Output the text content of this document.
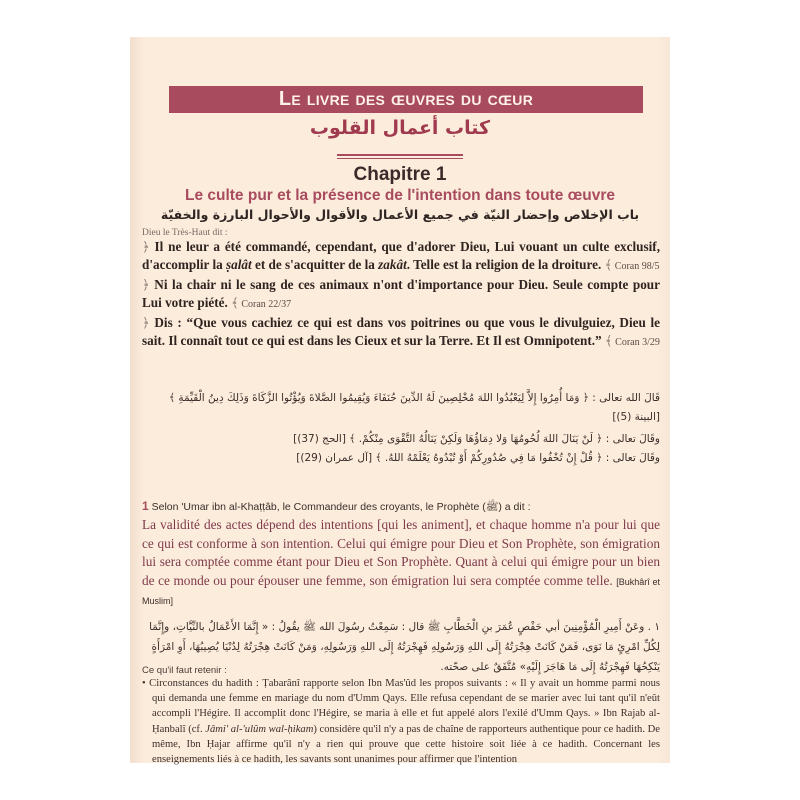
Le livre des œuvres du cœur
كتاب أعمال القلوب
Chapitre 1
Le culte pur et la présence de l'intention dans toute œuvre
باب الإخلاص وإحضار النيّة في جميع الأعمال والأقوال والأحوال البارزة والخفيّة
Dieu le Très-Haut dit :
﴿ Il ne leur a été commandé, cependant, que d'adorer Dieu, Lui vouant un culte exclusif, d'accomplir la ṣalât et de s'acquitter de la zakât. Telle est la religion de la droiture. ﴾ Coran 98/5
﴿ Ni la chair ni le sang de ces animaux n'ont d'importance pour Dieu. Seule compte pour Lui votre piété. ﴾ Coran 22/37
﴿ Dis : “Que vous cachiez ce qui est dans vos poitrines ou que vous le divulguiez, Dieu le sait. Il connaît tout ce qui est dans les Cieux et sur la Terre. Et Il est Omnipotent.” ﴾ Coran 3/29
قَالَ الله تعالى : ﴿ وَمَا أُمِرُوا إِلاَّ لِيَعْبُدُوا اللهَ مُخْلِصِينَ لَهُ الدِّينَ حُنَفَاءَ وَيُقِيمُوا الصَّلاةَ وَيُؤْتُوا الزَّكَاةَ وَذَلِكَ دِينُ الْقَيِّمَةِ ﴾ [البينة (5)]
وقَالَ تعالى : ﴿ لَنْ يَنَالَ اللهَ لُحُومُهَا وَلا دِمَاؤُهَا وَلَكِنْ يَنَالُهُ التَّقْوَى مِنْكُمْ. ﴾ [الحج (37)]
وقَالَ تعالى : ﴿ قُلْ إِنْ تُخْفُوا مَا فِي صُدُورِكُمْ أَوْ تُبْدُوهُ يَعْلَمْهُ اللهُ. ﴾ [آل عمران (29)]
1 Selon 'Umar ibn al-Khaṭṭâb, le Commandeur des croyants, le Prophète (ﷺ) a dit :
La validité des actes dépend des intentions [qui les animent], et chaque homme n'a pour lui que ce qui est conforme à son intention. Celui qui émigre pour Dieu et Son Prophète, son émigration lui sera comptée comme étant pour Dieu et Son Prophète. Quant à celui qui émigre pour un bien de ce monde ou pour épouser une femme, son émigration lui sera comptée comme telle. [Bukhârî et Muslim]
١ . وعَنْ أَمِيرِ الْمُؤْمِنِينَ أبي حَفْصٍ عُمَرَ بنِ الْخَطَّابِ ﷺ قال : سَمِعْتُ رسُولَ الله ﷺ يقُولُ : « إِنَّمَا الأَعْمَالُ بالنِّيَّاتِ، وإِنَّمَا لِكُلِّ امْرِئٍ مَا نَوَى، فَمَنْ كَانَتْ هِجْرَتُهُ إِلَى اللهِ وَرَسُولِهِ فَهِجْرَتُهُ إِلَى اللهِ وَرَسُولِهِ، وَمَنْ كَانَتْ هِجْرَتُهُ لِدُنْيَا يُصِيبُهَا، أَوِ امْرَأَةٍ يَنْكِحُهَا فَهِجْرَتُهُ إِلَى مَا هَاجَرَ إِلَيْهِ» مُتَّفَقٌ على صحّته.
Ce qu'il faut retenir :
• Circonstances du hadith : Ṭabarânî rapporte selon Ibn Mas'ûd les propos suivants : « Il y avait un homme parmi nous qui demanda une femme en mariage du nom d'Umm Qays. Elle refusa cependant de se marier avec lui tant qu'il n'eût accompli l'Hégire. Il accomplit donc l'Hégire, se maria à elle et fut appelé alors l'exilé d'Umm Qays. » Ibn Rajab al-Ḥanbalî (cf. Jâmi' al-'ulûm wal-ḥikam) considère qu'il n'y a pas de chaîne de rapporteurs authentique pour ce hadith. De même, Ibn Ḥajar affirme qu'il n'y a rien qui prouve que cette histoire soit liée à ce hadith. Concernant les enseignements liés à ce hadith, les savants sont unanimes pour affirmer que l'intention
